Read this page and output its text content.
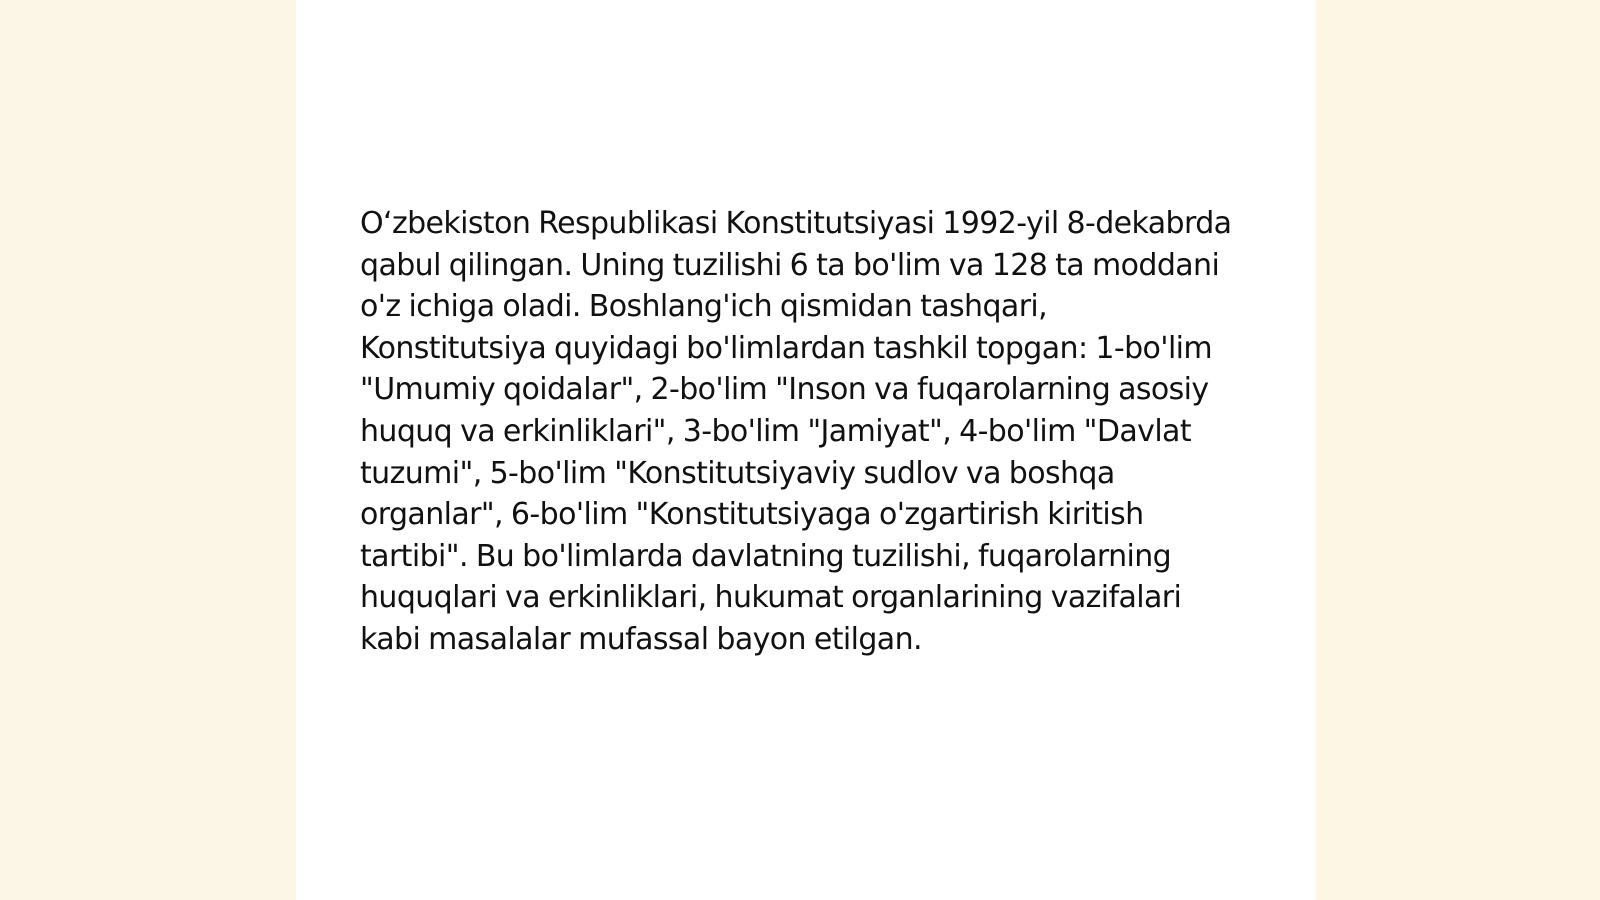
O‘zbekiston Respublikasi Konstitutsiyasi 1992-yil 8-dekabrda qabul qilingan. Uning tuzilishi 6 ta bo'lim va 128 ta moddani o'z ichiga oladi. Boshlang'ich qismidan tashqari, Konstitutsiya quyidagi bo'limlardan tashkil topgan: 1-bo'lim "Umumiy qoidalar", 2-bo'lim "Inson va fuqarolarning asosiy huquq va erkinliklari", 3-bo'lim "Jamiyat", 4-bo'lim "Davlat tuzumi", 5-bo'lim "Konstitutsiyaviy sudlov va boshqa organlar", 6-bo'lim "Konstitutsiyaga o'zgartirish kiritish tartibi". Bu bo'limlarda davlatning tuzilishi, fuqarolarning huquqlari va erkinliklari, hukumat organlarining vazifalari kabi masalalar mufassal bayon etilgan.
